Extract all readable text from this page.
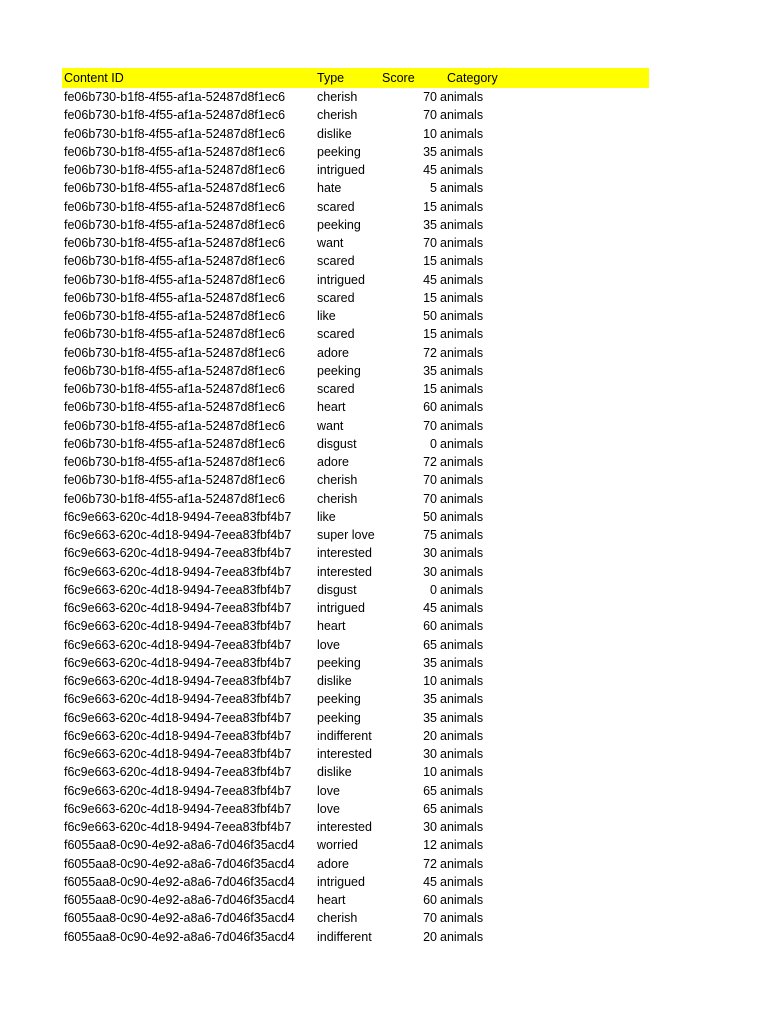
Content ID	Type	Score	Category
fe06b730-b1f8-4f55-af1a-52487d8f1ec6	cherish	70 animals
fe06b730-b1f8-4f55-af1a-52487d8f1ec6	cherish	70 animals
fe06b730-b1f8-4f55-af1a-52487d8f1ec6	dislike	10 animals
fe06b730-b1f8-4f55-af1a-52487d8f1ec6	peeking	35 animals
fe06b730-b1f8-4f55-af1a-52487d8f1ec6	intrigued	45 animals
fe06b730-b1f8-4f55-af1a-52487d8f1ec6	hate	5 animals
fe06b730-b1f8-4f55-af1a-52487d8f1ec6	scared	15 animals
fe06b730-b1f8-4f55-af1a-52487d8f1ec6	peeking	35 animals
fe06b730-b1f8-4f55-af1a-52487d8f1ec6	want	70 animals
fe06b730-b1f8-4f55-af1a-52487d8f1ec6	scared	15 animals
fe06b730-b1f8-4f55-af1a-52487d8f1ec6	intrigued	45 animals
fe06b730-b1f8-4f55-af1a-52487d8f1ec6	scared	15 animals
fe06b730-b1f8-4f55-af1a-52487d8f1ec6	like	50 animals
fe06b730-b1f8-4f55-af1a-52487d8f1ec6	scared	15 animals
fe06b730-b1f8-4f55-af1a-52487d8f1ec6	adore	72 animals
fe06b730-b1f8-4f55-af1a-52487d8f1ec6	peeking	35 animals
fe06b730-b1f8-4f55-af1a-52487d8f1ec6	scared	15 animals
fe06b730-b1f8-4f55-af1a-52487d8f1ec6	heart	60 animals
fe06b730-b1f8-4f55-af1a-52487d8f1ec6	want	70 animals
fe06b730-b1f8-4f55-af1a-52487d8f1ec6	disgust	0 animals
fe06b730-b1f8-4f55-af1a-52487d8f1ec6	adore	72 animals
fe06b730-b1f8-4f55-af1a-52487d8f1ec6	cherish	70 animals
fe06b730-b1f8-4f55-af1a-52487d8f1ec6	cherish	70 animals
f6c9e663-620c-4d18-9494-7eea83fbf4b7	like	50 animals
f6c9e663-620c-4d18-9494-7eea83fbf4b7	super love	75 animals
f6c9e663-620c-4d18-9494-7eea83fbf4b7	interested	30 animals
f6c9e663-620c-4d18-9494-7eea83fbf4b7	interested	30 animals
f6c9e663-620c-4d18-9494-7eea83fbf4b7	disgust	0 animals
f6c9e663-620c-4d18-9494-7eea83fbf4b7	intrigued	45 animals
f6c9e663-620c-4d18-9494-7eea83fbf4b7	heart	60 animals
f6c9e663-620c-4d18-9494-7eea83fbf4b7	love	65 animals
f6c9e663-620c-4d18-9494-7eea83fbf4b7	peeking	35 animals
f6c9e663-620c-4d18-9494-7eea83fbf4b7	dislike	10 animals
f6c9e663-620c-4d18-9494-7eea83fbf4b7	peeking	35 animals
f6c9e663-620c-4d18-9494-7eea83fbf4b7	peeking	35 animals
f6c9e663-620c-4d18-9494-7eea83fbf4b7	indifferent	20 animals
f6c9e663-620c-4d18-9494-7eea83fbf4b7	interested	30 animals
f6c9e663-620c-4d18-9494-7eea83fbf4b7	dislike	10 animals
f6c9e663-620c-4d18-9494-7eea83fbf4b7	love	65 animals
f6c9e663-620c-4d18-9494-7eea83fbf4b7	love	65 animals
f6c9e663-620c-4d18-9494-7eea83fbf4b7	interested	30 animals
f6055aa8-0c90-4e92-a8a6-7d046f35acd4	worried	12 animals
f6055aa8-0c90-4e92-a8a6-7d046f35acd4	adore	72 animals
f6055aa8-0c90-4e92-a8a6-7d046f35acd4	intrigued	45 animals
f6055aa8-0c90-4e92-a8a6-7d046f35acd4	heart	60 animals
f6055aa8-0c90-4e92-a8a6-7d046f35acd4	cherish	70 animals
f6055aa8-0c90-4e92-a8a6-7d046f35acd4	indifferent	20 animals
